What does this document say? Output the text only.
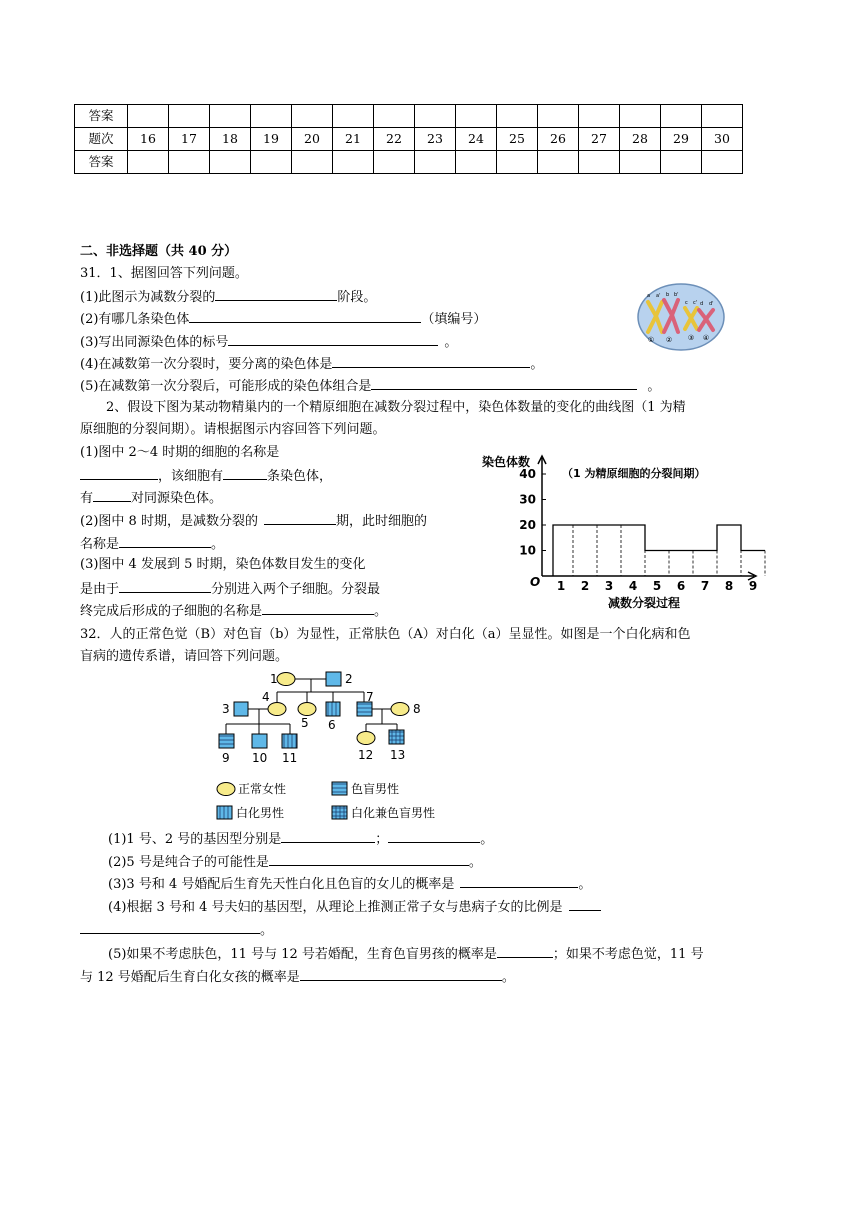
答案															
题次	16	17	18	19	20	21	22	23	24	25	26	27	28	29	30
答案															
二、非选择题（共 40 分）
31．1、据图回答下列问题。
(1)此图示为减数分裂的	阶段。
(2)有哪几条染色体	（填编号）
(3)写出同源染色体的标号	。
(4)在减数第一次分裂时，要分离的染色体是	。
(5)在减数第一次分裂后，可能形成的染色体组合是	。
a a' b b'
c c' d d'
① ② ③ ④
2、假设下图为某动物精巢内的一个精原细胞在减数分裂过程中，染色体数量的变化的曲线图（1 为精
原细胞的分裂间期）。请根据图示内容回答下列问题。
(1)图中 2～4 时期的细胞的名称是
，该细胞有	条染色体，
有	对同源染色体。
(2)图中 8 时期，是减数分裂的	期，此时细胞的
名称是	。
(3)图中 4 发展到 5 时期，染色体数目发生的变化
是由于	分别进入两个子细胞。分裂最
终完成后形成的子细胞的名称是	。
染色体数
（1 为精原细胞的分裂间期）
10
20
30
40
1 2 3 4 5 6 7 8 9
O
减数分裂过程
32．人的正常色觉（B）对色盲（b）为显性，正常肤色（A）对白化（a）呈显性。如图是一个白化病和色
盲病的遗传系谱，请回答下列问题。
1	2
3
4
5 6
7
8
9 10 11	12 13
正常女性	色盲男性
白化男性	白化兼色盲男性
(1)1 号、2 号的基因型分别是	；	。
(2)5 号是纯合子的可能性是	。
(3)3 号和 4 号婚配后生育先天性白化且色盲的女儿的概率是	。
(4)根据 3 号和 4 号夫妇的基因型，从理论上推测正常子女与患病子女的比例是
。
(5)如果不考虑肤色，11 号与 12 号若婚配，生育色盲男孩的概率是	；如果不考虑色觉，11 号
与 12 号婚配后生育白化女孩的概率是	。
